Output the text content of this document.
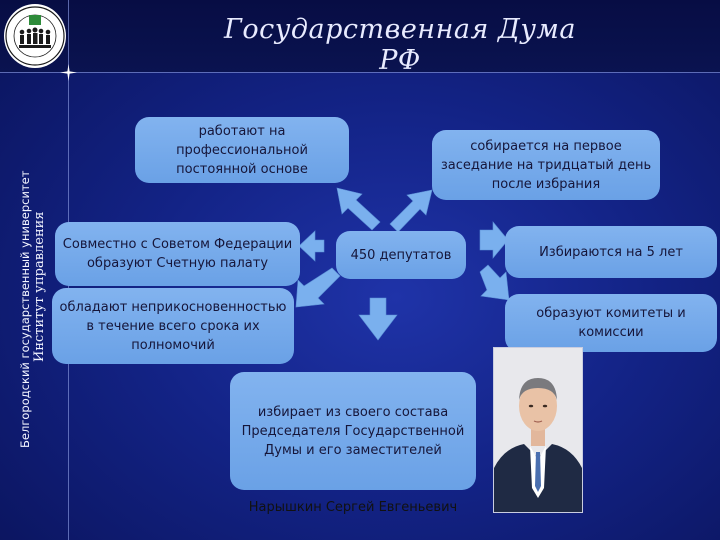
Государственная Дума РФ
Белгородский государственный университет Институт управления
работают на профессиональной постоянной основе
собирается на первое заседание на тридцатый день после избрания
450 депутатов
Совместно с Советом Федерации образуют Счетную палату
Избираются на 5 лет
образуют комитеты и комиссии
обладают неприкосновенностью в течение всего срока их полномочий
избирает из своего состава Председателя Государственной Думы и его заместителей
Нарышкин Сергей Евгеньевич
